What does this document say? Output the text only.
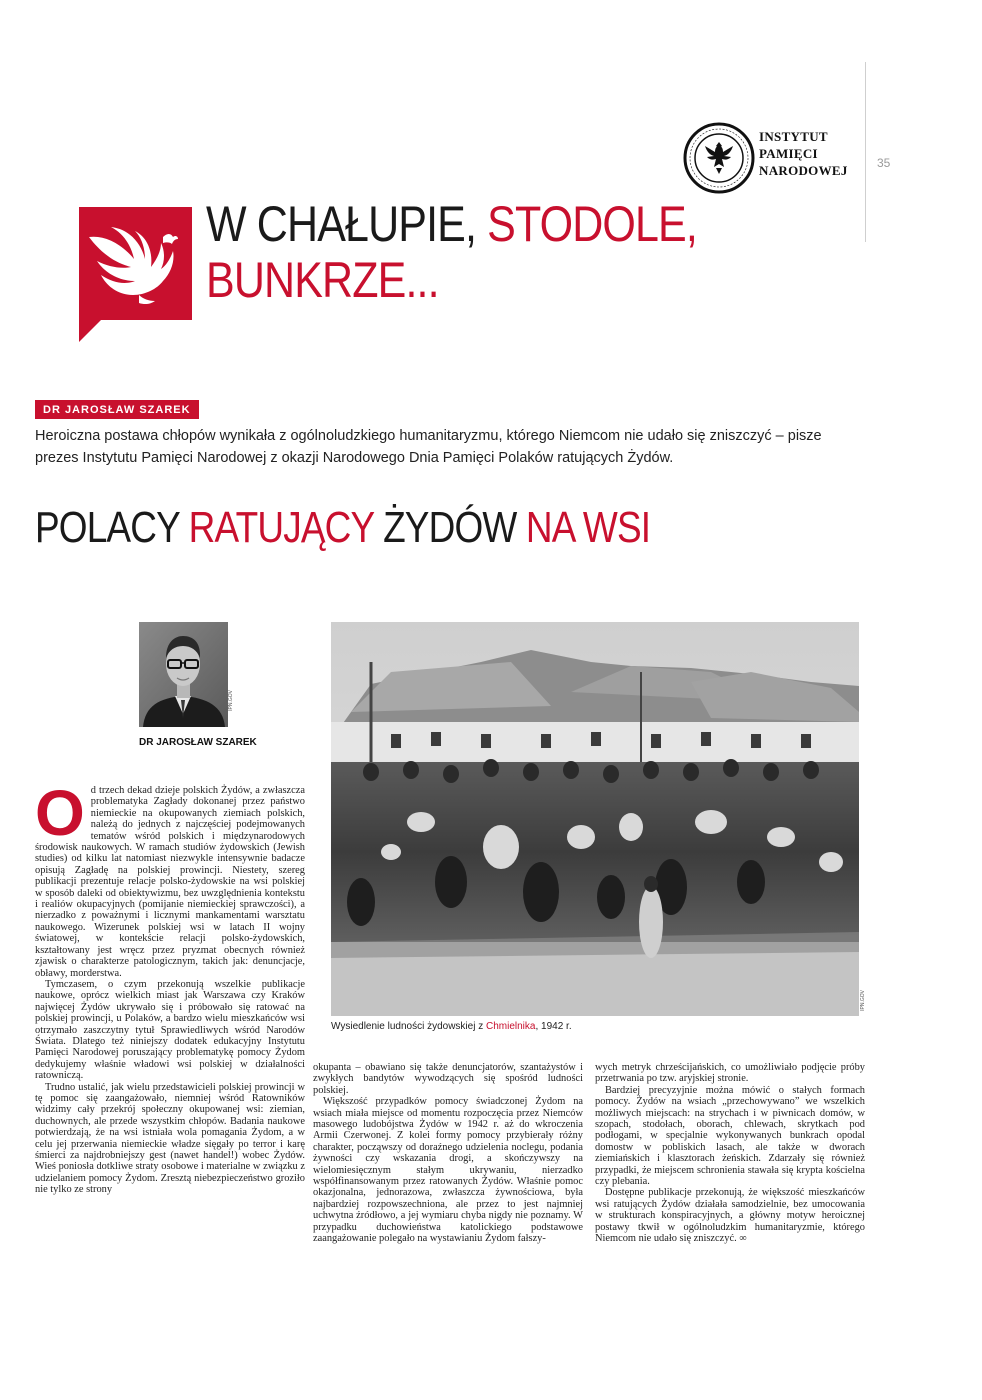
35
INSTYTUT
PAMIĘCI
NARODOWEJ
W CHAŁUPIE, STODOLE,
BUNKRZE...
DR JAROSŁAW SZAREK
Heroiczna postawa chłopów wynikała z ogólnoludzkiego humanitaryzmu, którego Niemcom nie udało się zniszczyć – pisze prezes Instytutu Pamięci Narodowej z okazji Narodowego Dnia Pamięci Polaków ratujących Żydów.
POLACY RATUJĄCY ŻYDÓW NA WSI
IPN.GOV
DR JAROSŁAW SZAREK
IPN.GOV
Wysiedlenie ludności żydowskiej z Chmielnika, 1942 r.

Od trzech dekad dzieje polskich Żydów, a zwłaszcza problematyka Zagłady dokonanej przez państwo niemieckie na okupowanych ziemiach polskich, należą do jednych z najczęściej podejmowanych tematów wśród polskich i międzynarodowych środowisk naukowych. W ramach studiów żydowskich (Jewish studies) od kilku lat natomiast niezwykle intensywnie badacze opisują Zagładę na polskiej prowincji. Niestety, szereg publikacji prezentuje relacje polsko-żydowskie na wsi polskiej w sposób daleki od obiektywizmu, bez uwzględnienia kontekstu i realiów okupacyjnych (pomijanie niemieckiej sprawczości), a nierzadko z poważnymi i licznymi mankamentami warsztatu naukowego. Wizerunek polskiej wsi w latach II wojny światowej, w kontekście relacji polsko-żydowskich, kształtowany jest wręcz przez pryzmat obecnych również zjawisk o charakterze patologicznym, takich jak: denuncjacje, obławy, morderstwa.

Tymczasem, o czym przekonują wszelkie publikacje naukowe, oprócz wielkich miast jak Warszawa czy Kraków najwięcej Żydów ukrywało się i próbowało się ratować na polskiej prowincji, u Polaków, a bardzo wielu mieszkańców wsi otrzymało zaszczytny tytuł Sprawiedliwych wśród Narodów Świata. Dlatego też niniejszy dodatek edukacyjny Instytutu Pamięci Narodowej poruszający problematykę pomocy Żydom dedykujemy właśnie władowi wsi polskiej w działalności ratowniczą.

Trudno ustalić, jak wielu przedstawicieli polskiej prowincji w tę pomoc się zaangażowało, niemniej wśród Ratowników widzimy cały przekrój społeczny okupowanej wsi: ziemian, duchownych, ale przede wszystkim chłopów. Badania naukowe potwierdzają, że na wsi istniała wola pomagania Żydom, a w celu jej przerwania niemieckie władze sięgały po terror i karę śmierci za najdrobniejszy gest (nawet handel!) wobec Żydów. Wieś poniosła dotkliwe straty osobowe i materialne w związku z udzielaniem pomocy Żydom. Zresztą niebezpieczeństwo groziło nie tylko ze strony

okupanta – obawiano się także denuncjatorów, szantażystów i zwykłych bandytów wywodzących się spośród ludności polskiej.

Większość przypadków pomocy świadczonej Żydom na wsiach miała miejsce od momentu rozpoczęcia przez Niemców masowego ludobójstwa Żydów w 1942 r. aż do wkroczenia Armii Czerwonej. Z kolei formy pomocy przybierały różny charakter, począwszy od doraźnego udzielenia noclegu, podania żywności czy wskazania drogi, a skończywszy na wielomiesięcznym stałym ukrywaniu, nierzadko współfinansowanym przez ratowanych Żydów. Właśnie pomoc okazjonalna, jednorazowa, zwłaszcza żywnościowa, była najbardziej rozpowszechniona, ale przez to jest najmniej uchwytna źródłowo, a jej wymiaru chyba nigdy nie poznamy. W przypadku duchowieństwa katolickiego podstawowe zaangażowanie polegało na wystawianiu Żydom fałszy-

wych metryk chrześcijańskich, co umożliwiało podjęcie próby przetrwania po tzw. aryjskiej stronie.

Bardziej precyzyjnie można mówić o stałych formach pomocy. Żydów na wsiach „przechowywano” we wszelkich możliwych miejscach: na strychach i w piwnicach domów, w szopach, stodołach, oborach, chlewach, skrytkach pod podłogami, w specjalnie wykonywanych bunkrach opodal domostw w pobliskich lasach, ale także w dworach ziemiańskich i klasztorach żeńskich. Zdarzały się również przypadki, że miejscem schronienia stawała się krypta kościelna czy plebania.

Dostępne publikacje przekonują, że większość mieszkańców wsi ratujących Żydów działała samodzielnie, bez umocowania w strukturach konspiracyjnych, a główny motyw heroicznej postawy tkwił w ogólnoludzkim humanitaryzmie, którego Niemcom nie udało się zniszczyć. ∞
